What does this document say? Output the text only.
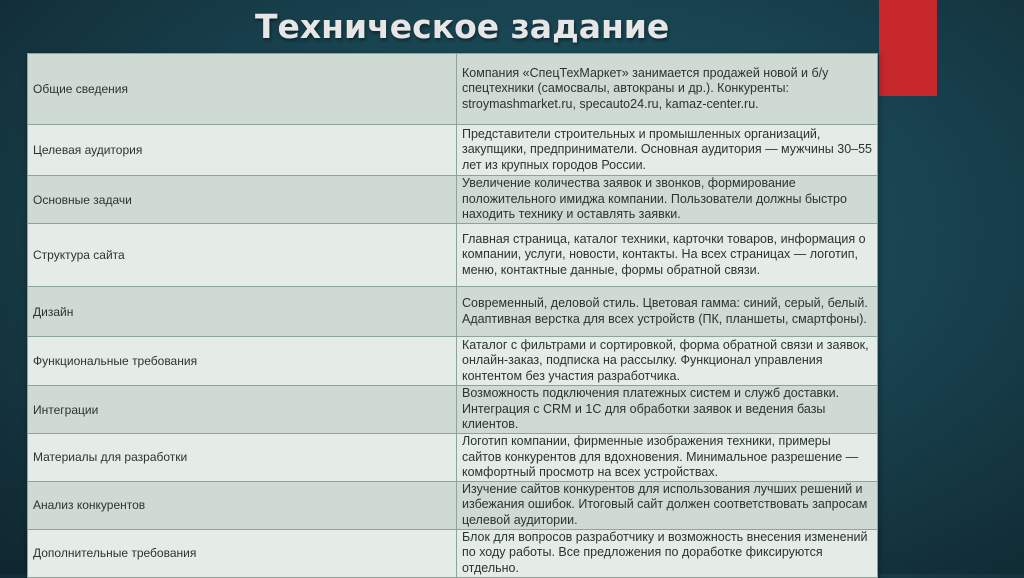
Техническое задание
Общие сведения	Компания «СпецТехМаркет» занимается продажей новой и б/у спецтехники (самосвалы, автокраны и др.). Конкуренты: stroymashmarket.ru, specauto24.ru, kamaz-center.ru.
Целевая аудитория	Представители строительных и промышленных организаций, закупщики, предприниматели. Основная аудитория — мужчины 30–55 лет из крупных городов России.
Основные задачи	Увеличение количества заявок и звонков, формирование положительного имиджа компании. Пользователи должны быстро находить технику и оставлять заявки.
Структура сайта	Главная страница, каталог техники, карточки товаров, информация о компании, услуги, новости, контакты. На всех страницах — логотип, меню, контактные данные, формы обратной связи.
Дизайн	Современный, деловой стиль. Цветовая гамма: синий, серый, белый. Адаптивная верстка для всех устройств (ПК, планшеты, смартфоны).
Функциональные требования	Каталог с фильтрами и сортировкой, форма обратной связи и заявок, онлайн-заказ, подписка на рассылку. Функционал управления контентом без участия разработчика.
Интеграции	Возможность подключения платежных систем и служб доставки. Интеграция с CRM и 1С для обработки заявок и ведения базы клиентов.
Материалы для разработки	Логотип компании, фирменные изображения техники, примеры сайтов конкурентов для вдохновения. Минимальное разрешение — комфортный просмотр на всех устройствах.
Анализ конкурентов	Изучение сайтов конкурентов для использования лучших решений и избежания ошибок. Итоговый сайт должен соответствовать запросам целевой аудитории.
Дополнительные требования	Блок для вопросов разработчику и возможность внесения изменений по ходу работы. Все предложения по доработке фиксируются отдельно.
